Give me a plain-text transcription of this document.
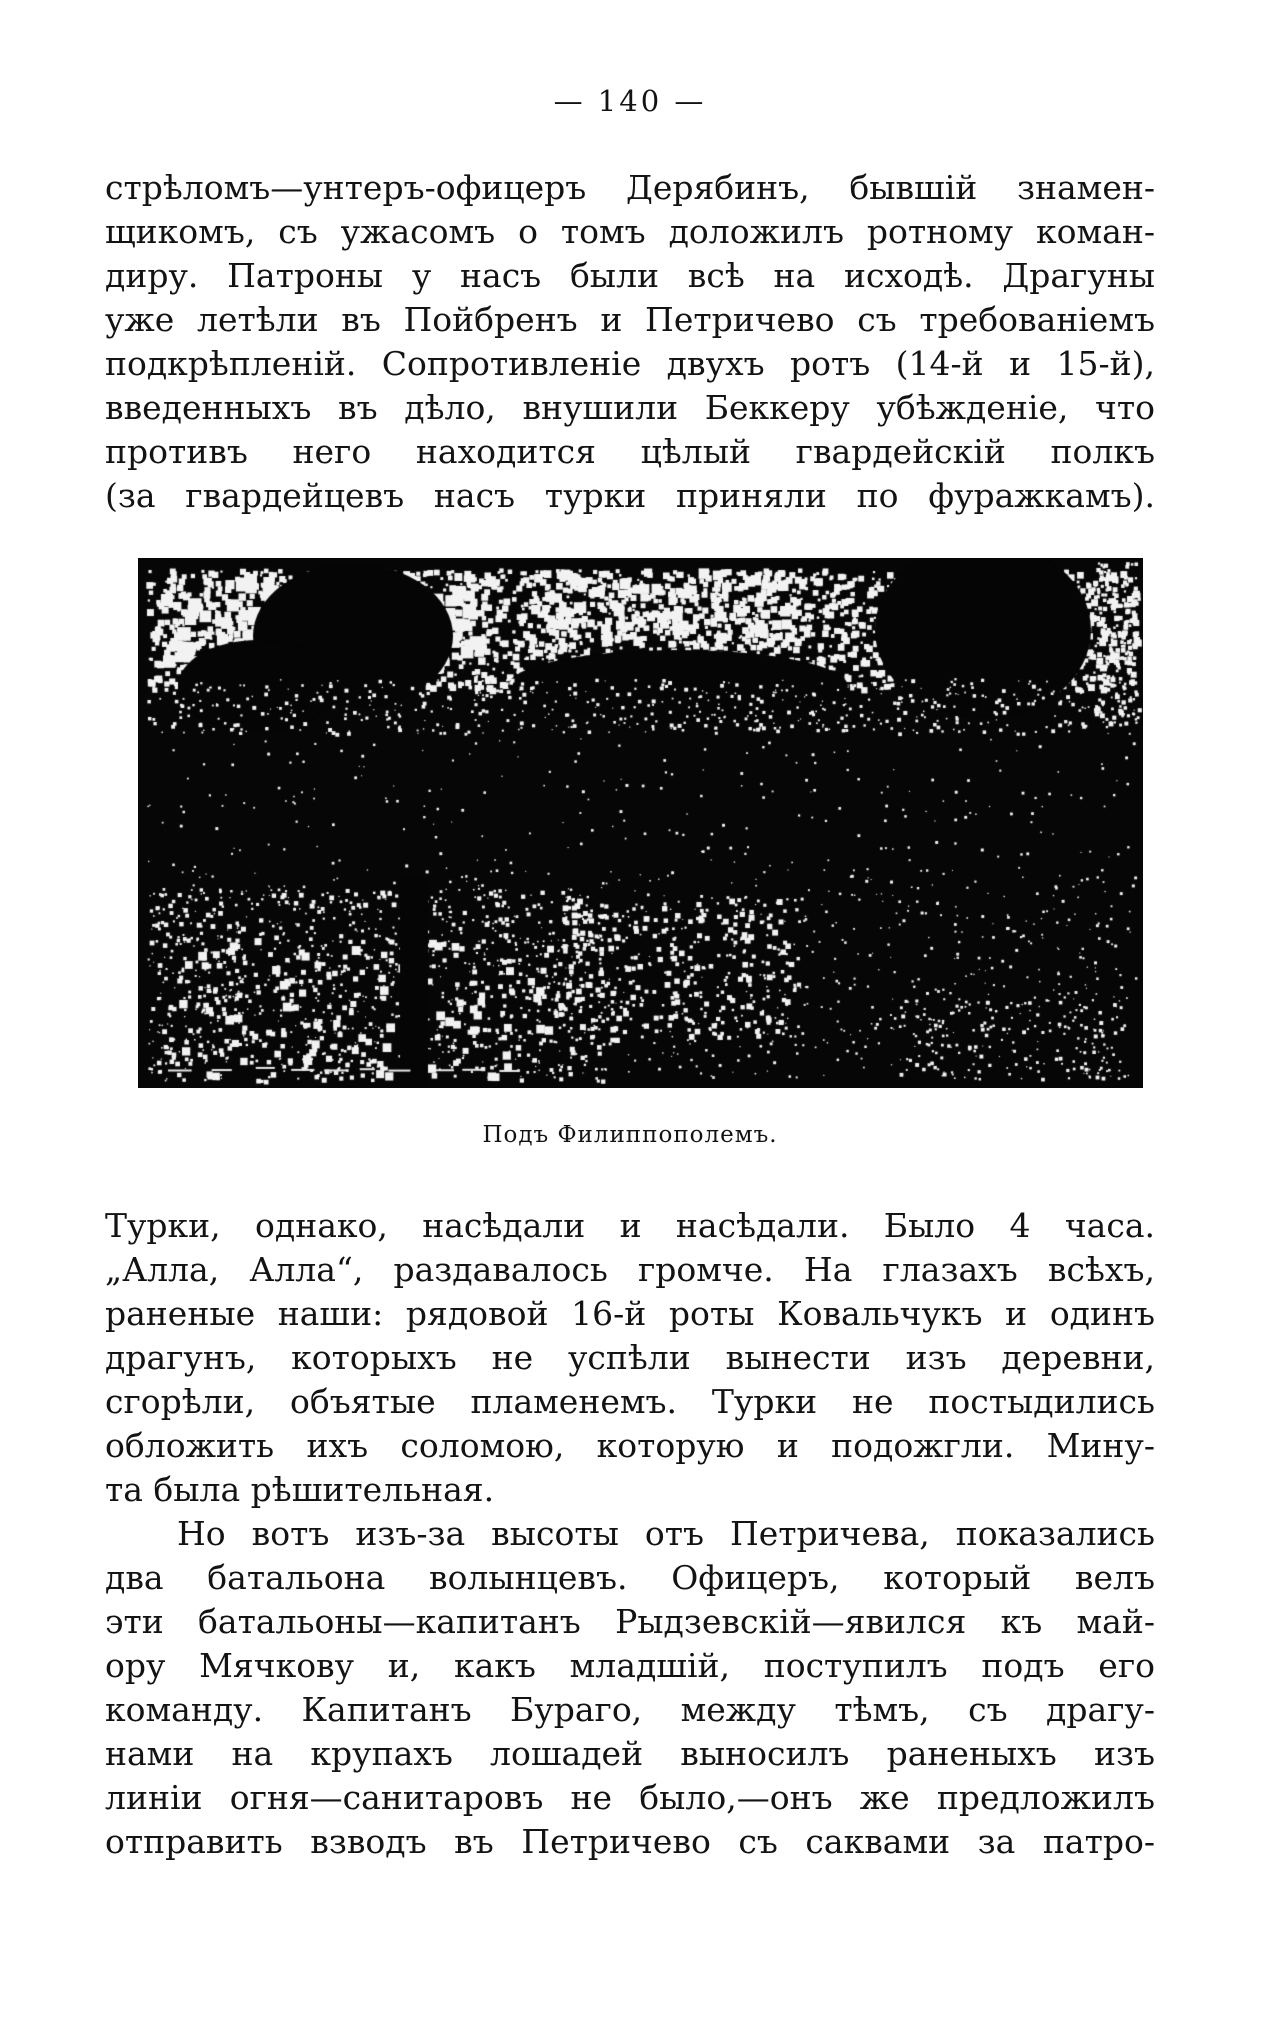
— 140 —
стрѣломъ—унтеръ-офицеръ Дерябинъ, бывшій знамен-
щикомъ, съ ужасомъ о томъ доложилъ ротному коман-
диру. Патроны у насъ были всѣ на исходѣ. Драгуны
уже летѣли въ Пойбренъ и Петричево съ требованіемъ
подкрѣпленій. Сопротивленіе двухъ ротъ (14-й и 15-й),
введенныхъ въ дѣло, внушили Беккеру убѣжденіе, что
противъ него находится цѣлый гвардейскій полкъ
(за гвардейцевъ насъ турки приняли по фуражкамъ).
Подъ Филиппополемъ.
Турки, однако, насѣдали и насѣдали. Было 4 часа.
„Алла, Алла“, раздавалось громче. На глазахъ всѣхъ,
раненые наши: рядовой 16-й роты Ковальчукъ и одинъ
драгунъ, которыхъ не успѣли вынести изъ деревни,
сгорѣли, объятые пламенемъ. Турки не постыдились
обложить ихъ соломою, которую и подожгли. Мину-
та была рѣшительная.
Но вотъ изъ-за высоты отъ Петричева, показались
два батальона волынцевъ. Офицеръ, который велъ
эти батальоны—капитанъ Рыдзевскій—явился къ май-
ору Мячкову и, какъ младшій, поступилъ подъ его
команду. Капитанъ Бураго, между тѣмъ, съ драгу-
нами на крупахъ лошадей выносилъ раненыхъ изъ
линіи огня—санитаровъ не было,—онъ же предложилъ
отправить взводъ въ Петричево съ саквами за патро-
